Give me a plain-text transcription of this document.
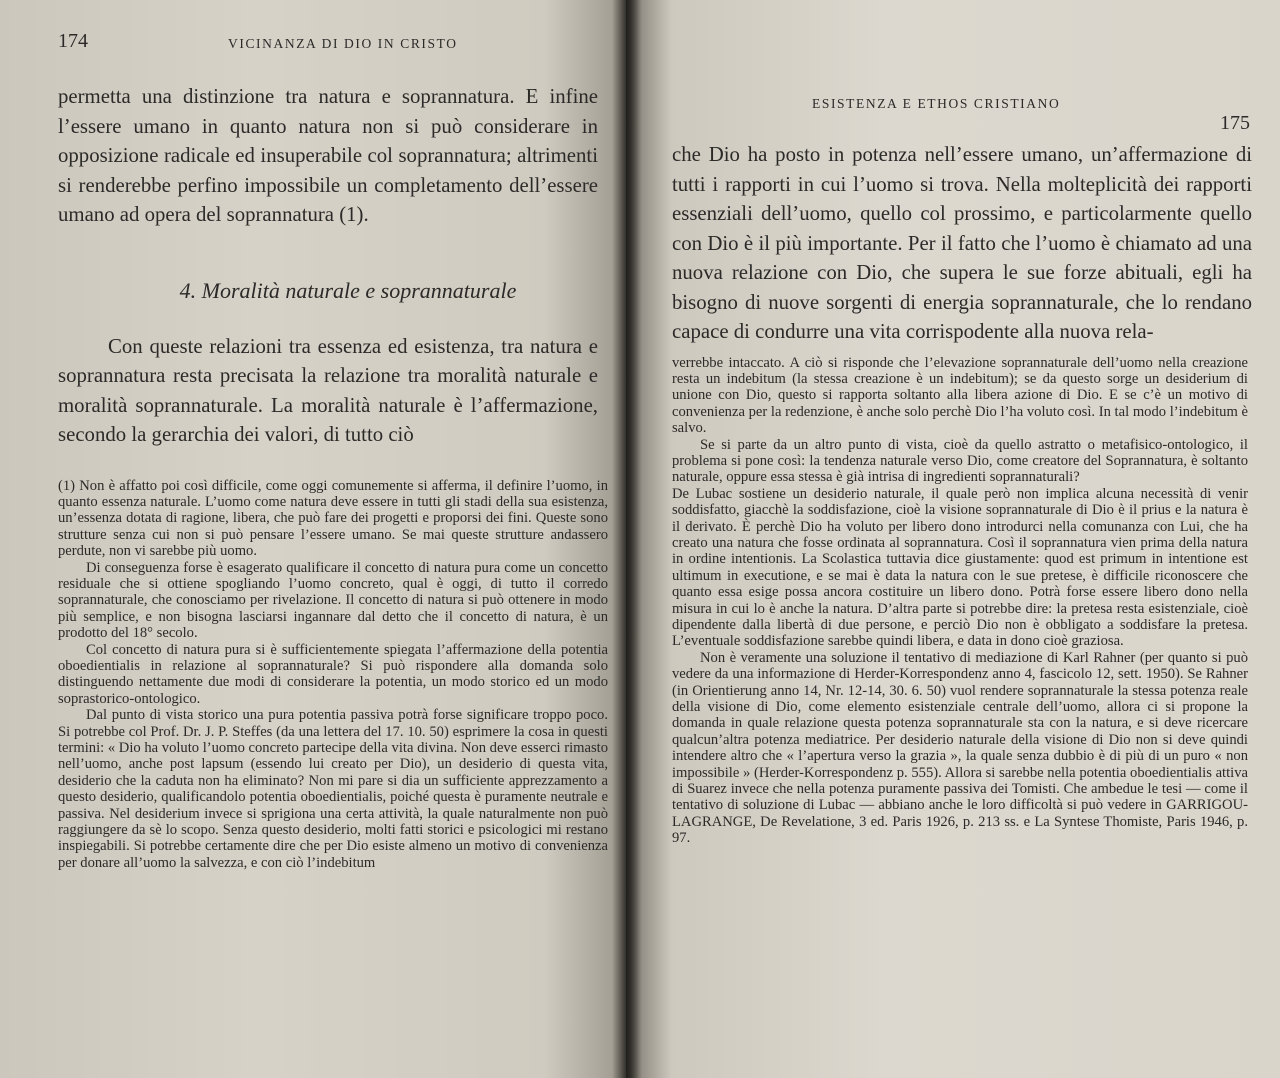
174	VICINANZA DI DIO IN CRISTO

permetta una distinzione tra natura e soprannatura. E infine l’essere umano in quanto natura non si può considerare in opposizione radicale ed insuperabile col soprannatura; altrimenti si renderebbe perfino impossibile un completamento dell’essere umano ad opera del soprannatura (1).

4. Moralità naturale e soprannaturale

Con queste relazioni tra essenza ed esistenza, tra natura e soprannatura resta precisata la relazione tra moralità naturale e moralità soprannaturale. La moralità naturale è l’affermazione, secondo la gerarchia dei valori, di tutto ciò

(1) Non è affatto poi così difficile, come oggi comunemente si afferma, il definire l’uomo, in quanto essenza naturale. L’uomo come natura deve essere in tutti gli stadi della sua esistenza, un’essenza dotata di ragione, libera, che può fare dei progetti e proporsi dei fini. Queste sono strutture senza cui non si può pensare l’essere umano. Se mai queste strutture andassero perdute, non vi sarebbe più uomo.

Di conseguenza forse è esagerato qualificare il concetto di natura pura come un concetto residuale che si ottiene spogliando l’uomo concreto, qual è oggi, di tutto il corredo soprannaturale, che conosciamo per rivelazione. Il concetto di natura si può ottenere in modo più semplice, e non bisogna lasciarsi ingannare dal detto che il concetto di natura, è un prodotto del 18° secolo.

Col concetto di natura pura si è sufficientemente spiegata l’affermazione della potentia oboedientialis in relazione al soprannaturale? Si può rispondere alla domanda solo distinguendo nettamente due modi di considerare la potentia, un modo storico ed un modo soprastorico-ontologico.

Dal punto di vista storico una pura potentia passiva potrà forse significare troppo poco. Si potrebbe col Prof. Dr. J. P. Steffes (da una lettera del 17. 10. 50) esprimere la cosa in questi termini: « Dio ha voluto l’uomo concreto partecipe della vita divina. Non deve esserci rimasto nell’uomo, anche post lapsum (essendo lui creato per Dio), un desiderio di questa vita, desiderio che la caduta non ha eliminato? Non mi pare si dia un sufficiente apprezzamento a questo desiderio, qualificandolo potentia oboedientialis, poiché questa è puramente neutrale e passiva. Nel desiderium invece si sprigiona una certa attività, la quale naturalmente non può raggiungere da sè lo scopo. Senza questo desiderio, molti fatti storici e psicologici mi restano inspiegabili. Si potrebbe certamente dire che per Dio esiste almeno un motivo di convenienza per donare all’uomo la salvezza, e con ciò l’indebitum

ESISTENZA E ETHOS CRISTIANO
175

che Dio ha posto in potenza nell’essere umano, un’affermazione di tutti i rapporti in cui l’uomo si trova. Nella molteplicità dei rapporti essenziali dell’uomo, quello col prossimo, e particolarmente quello con Dio è il più importante. Per il fatto che l’uomo è chiamato ad una nuova relazione con Dio, che supera le sue forze abituali, egli ha bisogno di nuove sorgenti di energia soprannaturale, che lo rendano capace di condurre una vita corrispodente alla nuova rela-

verrebbe intaccato. A ciò si risponde che l’elevazione soprannaturale dell’uomo nella creazione resta un indebitum (la stessa creazione è un indebitum); se da questo sorge un desiderium di unione con Dio, questo si rapporta soltanto alla libera azione di Dio. E se c’è un motivo di convenienza per la redenzione, è anche solo perchè Dio l’ha voluto così. In tal modo l’indebitum è salvo.

Se si parte da un altro punto di vista, cioè da quello astratto o metafisico-ontologico, il problema si pone così: la tendenza naturale verso Dio, come creatore del Soprannatura, è soltanto naturale, oppure essa stessa è già intrisa di ingredienti soprannaturali?

De Lubac sostiene un desiderio naturale, il quale però non implica alcuna necessità di venir soddisfatto, giacchè la soddisfazione, cioè la visione soprannaturale di Dio è il prius e la natura è il derivato. È perchè Dio ha voluto per libero dono introdurci nella comunanza con Lui, che ha creato una natura che fosse ordinata al soprannatura. Così il soprannatura vien prima della natura in ordine intentionis. La Scolastica tuttavia dice giustamente: quod est primum in intentione est ultimum in executione, e se mai è data la natura con le sue pretese, è difficile riconoscere che quanto essa esige possa ancora costituire un libero dono. Potrà forse essere libero dono nella misura in cui lo è anche la natura. D’altra parte si potrebbe dire: la pretesa resta esistenziale, cioè dipendente dalla libertà di due persone, e perciò Dio non è obbligato a soddisfare la pretesa. L’eventuale soddisfazione sarebbe quindi libera, e data in dono cioè graziosa.

Non è veramente una soluzione il tentativo di mediazione di Karl Rahner (per quanto si può vedere da una informazione di Herder-Korrespondenz anno 4, fascicolo 12, sett. 1950). Se Rahner (in Orientierung anno 14, Nr. 12-14, 30. 6. 50) vuol rendere soprannaturale la stessa potenza reale della visione di Dio, come elemento esistenziale centrale dell’uomo, allora ci si propone la domanda in quale relazione questa potenza soprannaturale sta con la natura, e si deve ricercare qualcun’altra potenza mediatrice. Per desiderio naturale della visione di Dio non si deve quindi intendere altro che « l’apertura verso la grazia », la quale senza dubbio è di più di un puro « non impossibile » (Herder-Korrespondenz p. 555). Allora si sarebbe nella potentia oboedientialis attiva di Suarez invece che nella potenza puramente passiva dei Tomisti. Che ambedue le tesi — come il tentativo di soluzione di Lubac — abbiano anche le loro difficoltà si può vedere in GARRIGOU-LAGRANGE, De Revelatione, 3 ed. Paris 1926, p. 213 ss. e La Syntese Thomiste, Paris 1946, p. 97.
